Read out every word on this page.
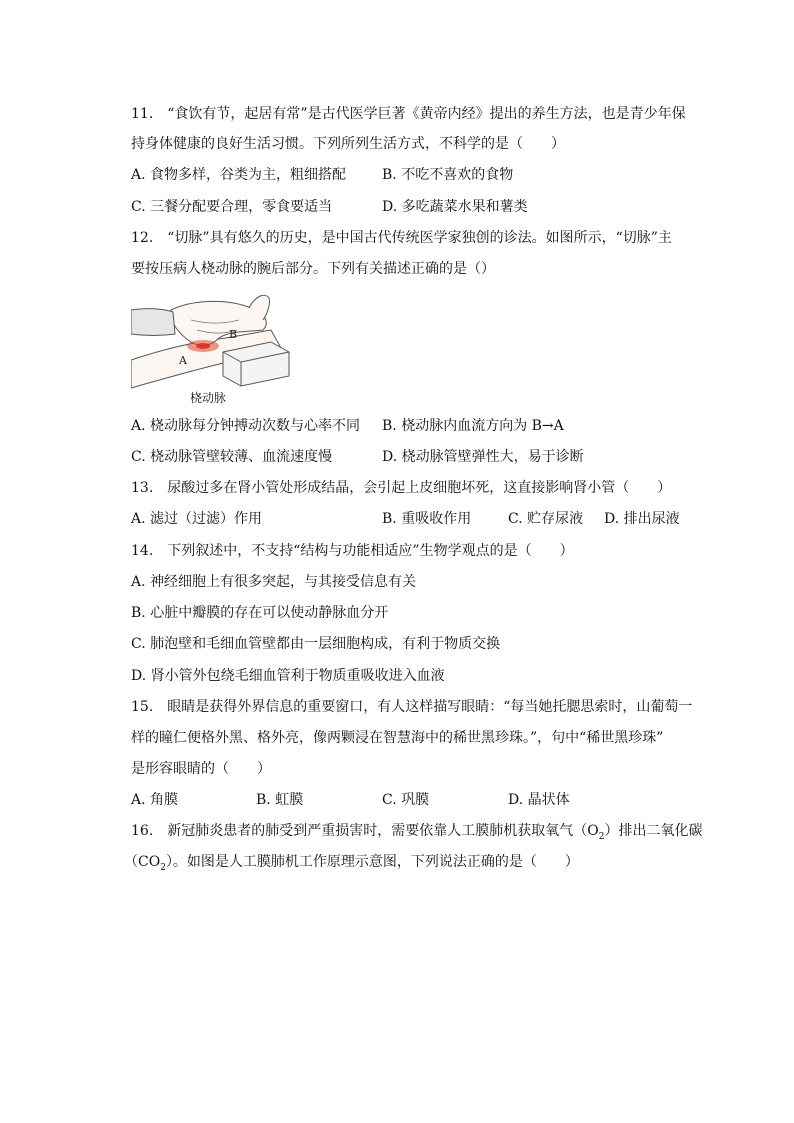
11.　“食饮有节，起居有常”是古代医学巨著《黄帝内经》提出的养生方法，也是青少年保
持身体健康的良好生活习惯。下列所列生活方式，不科学的是（　　）
A. 食物多样，谷类为主，粗细搭配	B. 不吃不喜欢的食物
C. 三餐分配要合理，零食要适当	D. 多吃蔬菜水果和薯类
12.　“切脉”具有悠久的历史，是中国古代传统医学家独创的诊法。如图所示，“切脉”主
要按压病人桡动脉的腕后部分。下列有关描述正确的是（）
A
B
桡动脉
A. 桡动脉每分钟搏动次数与心率不同 B. 桡动脉内血流方向为 B→A
C. 桡动脉管壁较薄、血流速度慢	D. 桡动脉管壁弹性大，易于诊断
13.　尿酸过多在肾小管处形成结晶，会引起上皮细胞坏死，这直接影响肾小管（　　）
A. 滤过（过滤）作用	B. 重吸收作用	C. 贮存尿液 D. 排出尿液
14.　下列叙述中，不支持“结构与功能相适应”生物学观点的是（　　）
A. 神经细胞上有很多突起，与其接受信息有关
B. 心脏中瓣膜的存在可以使动静脉血分开
C. 肺泡壁和毛细血管壁都由一层细胞构成，有利于物质交换
D. 肾小管外包绕毛细血管利于物质重吸收进入血液
15.　眼睛是获得外界信息的重要窗口，有人这样描写眼睛：“每当她托腮思索时，山葡萄一
样的瞳仁便格外黑、格外亮，像两颗浸在智慧海中的稀世黑珍珠。”，句中“稀世黑珍珠”
是形容眼睛的（　　）
A. 角膜	B. 虹膜	C. 巩膜	D. 晶状体
16.　新冠肺炎患者的肺受到严重损害时，需要依靠人工膜肺机获取氧气$(O_2)$排出二氧化碳
$(CO_2)$。如图是人工膜肺机工作原理示意图，下列说法正确的是（　　）
